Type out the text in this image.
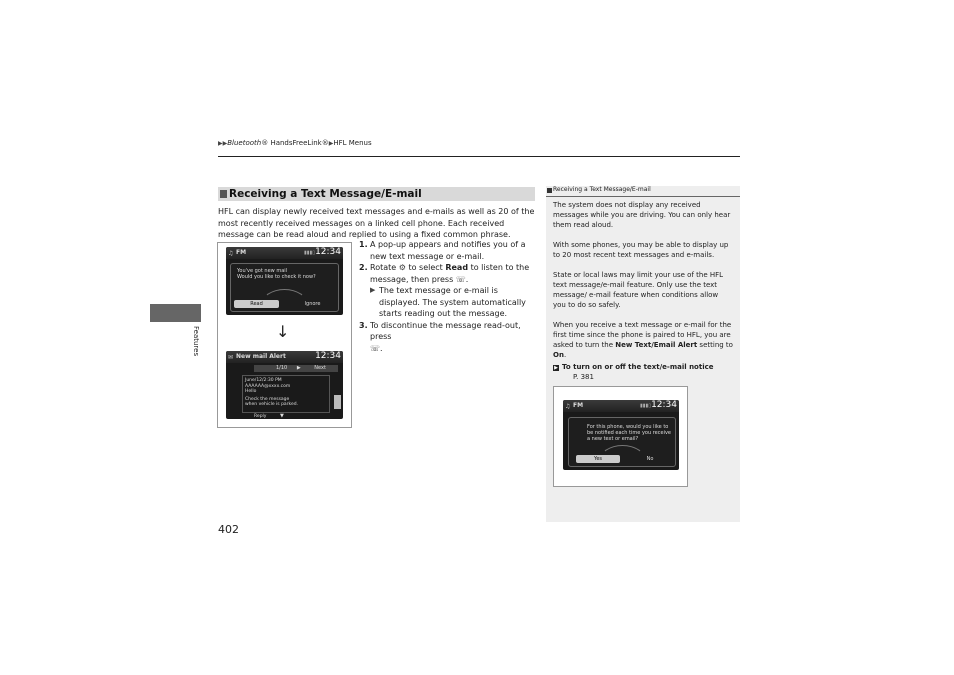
▶▶Bluetooth® HandsFreeLink®▶HFL Menus
Features
402
Receiving a Text Message/E-mail
HFL can display newly received text messages and e-mails as well as 20 of the most recently received messages on a linked cell phone. Each received message can be read aloud and replied to using a fixed common phrase.
♫ FM	▮▮▮▯ 12:34
You've got new mail
Would you like to check it now?
Read	Ignore
✉ New mail Alert	12:34
1/10 ▶	Next
June/12/2:30 PM
AAAAAA@xxxx.com
Hello
Check the message
when vehicle is parked.
Reply	▼
↓
1. A pop-up appears and notifies you of a new text message or e-mail.
2. Rotate ⚙ to select Read to listen to the message, then press ☏.
▶ The text message or e-mail is displayed. The system automatically starts reading out the message.
3. To discontinue the message read-out, press
☏.
Receiving a Text Message/E-mail

The system does not display any received messages while you are driving. You can only hear them read aloud.

With some phones, you may be able to display up to 20 most recent text messages and e-mails.

State or local laws may limit your use of the HFL text message/e-mail feature. Only use the text message/ e-mail feature when conditions allow you to do so safely.

When you receive a text message or e-mail for the first time since the phone is paired to HFL, you are asked to turn the New Text/Email Alert setting to On.

▶ To turn on or off the text/e-mail notice
P. 381
♫ FM	▮▮▮▯ 12:34
For this phone, would you like to
be notified each time you receive
a new text or email?
Yes	No
